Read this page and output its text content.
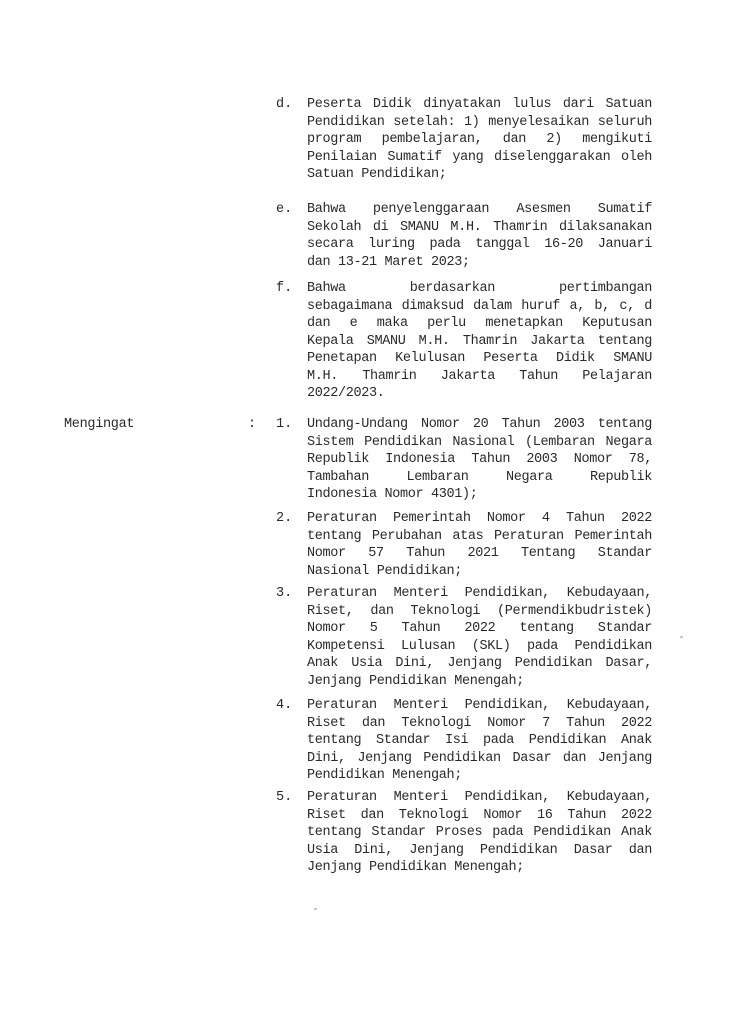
d.	Peserta Didik dinyatakan lulus dari Satuan
Pendidikan setelah: 1) menyelesaikan seluruh
program pembelajaran, dan 2) mengikuti
Penilaian Sumatif yang diselenggarakan oleh
Satuan Pendidikan;
e.	Bahwa penyelenggaraan Asesmen Sumatif
Sekolah di SMANU M.H. Thamrin dilaksanakan
secara luring pada tanggal 16-20 Januari
dan 13-21 Maret 2023;
f.	Bahwa berdasarkan pertimbangan
sebagaimana dimaksud dalam huruf a, b, c, d
dan e maka perlu menetapkan Keputusan
Kepala SMANU M.H. Thamrin Jakarta tentang
Penetapan Kelulusan Peserta Didik SMANU
M.H. Thamrin Jakarta Tahun Pelajaran
2022/2023.
Mengingat	: 1.	Undang-Undang Nomor 20 Tahun 2003 tentang
Sistem Pendidikan Nasional (Lembaran Negara
Republik Indonesia Tahun 2003 Nomor 78,
Tambahan Lembaran Negara Republik
Indonesia Nomor 4301);
2.	Peraturan Pemerintah Nomor 4 Tahun 2022
tentang Perubahan atas Peraturan Pemerintah
Nomor 57 Tahun 2021 Tentang Standar
Nasional Pendidikan;
3.	Peraturan Menteri Pendidikan, Kebudayaan,
Riset, dan Teknologi (Permendikbudristek)
Nomor 5 Tahun 2022 tentang Standar
Kompetensi Lulusan (SKL) pada Pendidikan
Anak Usia Dini, Jenjang Pendidikan Dasar,
Jenjang Pendidikan Menengah;
4.	Peraturan Menteri Pendidikan, Kebudayaan,
Riset dan Teknologi Nomor 7 Tahun 2022
tentang Standar Isi pada Pendidikan Anak
Dini, Jenjang Pendidikan Dasar dan Jenjang
Pendidikan Menengah;
5.	Peraturan Menteri Pendidikan, Kebudayaan,
Riset dan Teknologi Nomor 16 Tahun 2022
tentang Standar Proses pada Pendidikan Anak
Usia Dini, Jenjang Pendidikan Dasar dan
Jenjang Pendidikan Menengah;
